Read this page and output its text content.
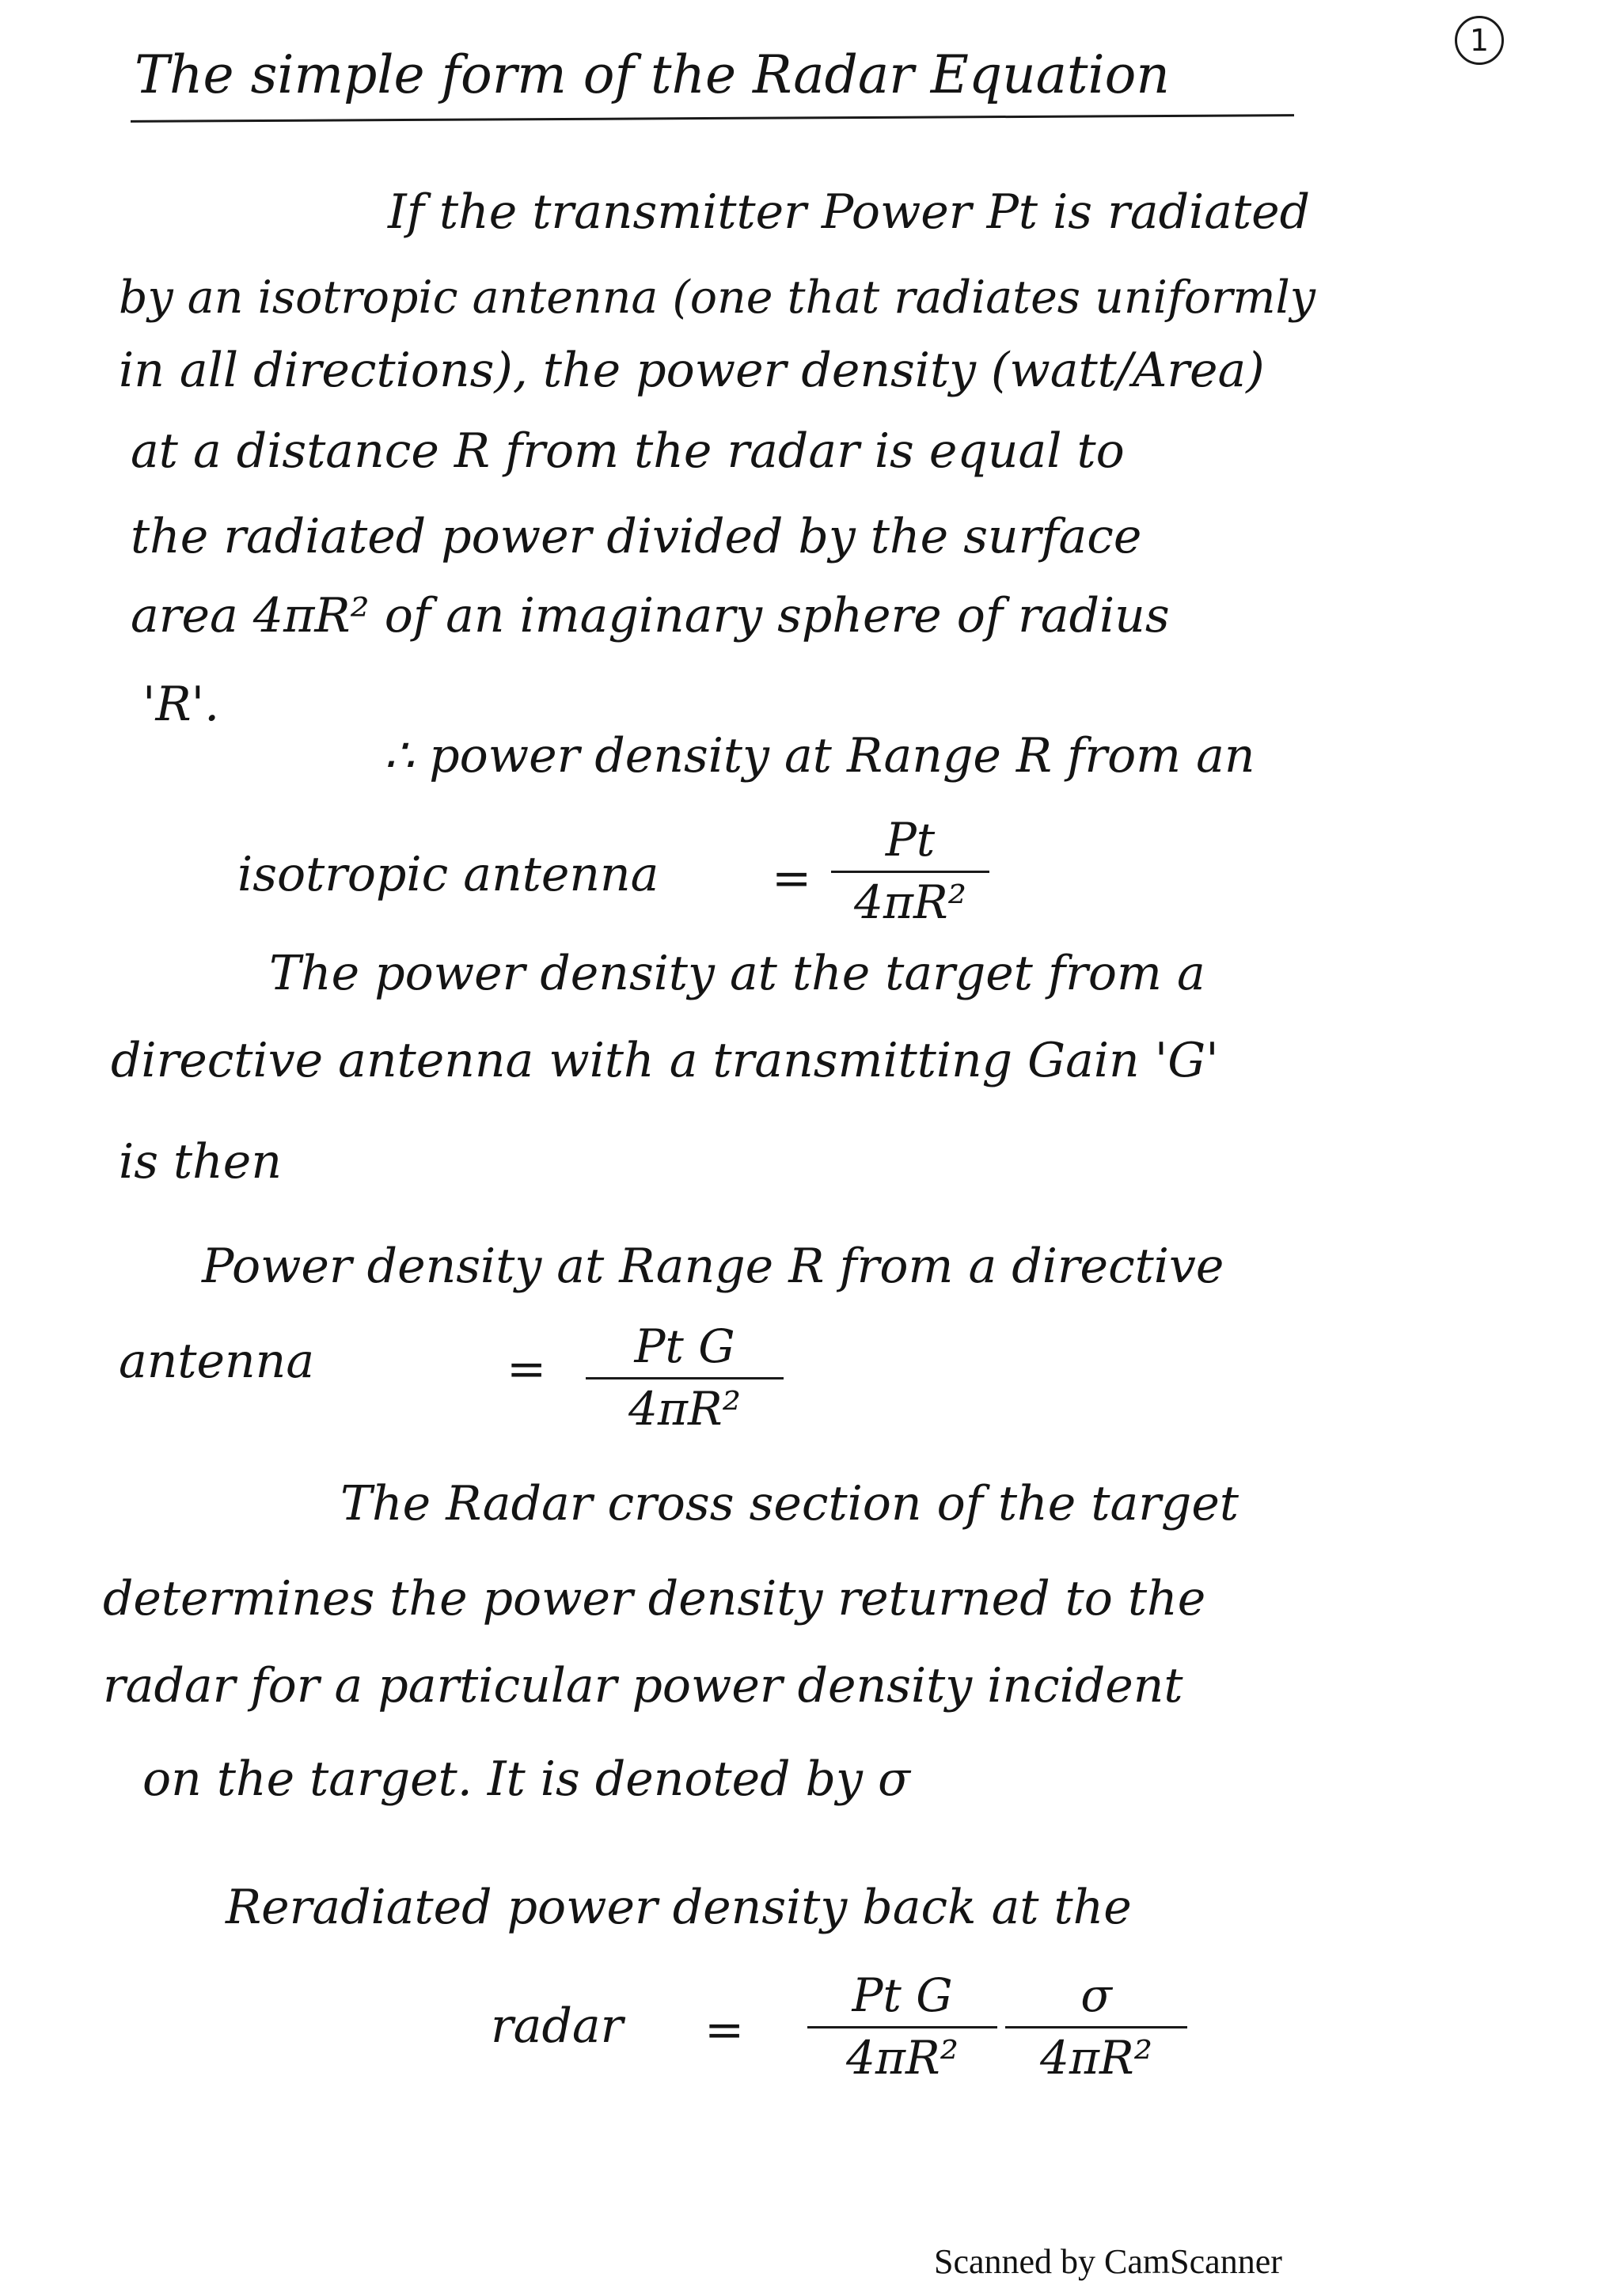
1
The simple form of the Radar Equation
If the transmitter Power Pt is radiated
by an isotropic antenna (one that radiates uniformly
in all directions), the power density (watt/Area)
at a distance R from the radar is equal to
the radiated power divided by the surface
area 4πR² of an imaginary sphere of radius
'R'.
∴ power density at Range R from an
isotropic antenna =
Pt
4πR²
The power density at the target from a
directive antenna with a transmitting Gain 'G'
is then
Power density at Range R from a directive
antenna	=	Pt G
4πR²
The Radar cross section of the target
determines the power density returned to the
radar for a particular power density incident
on the target. It is denoted by σ
Reradiated power density back at the
radar =
Pt G
4πR²
σ
4πR²
Scanned by CamScanner
